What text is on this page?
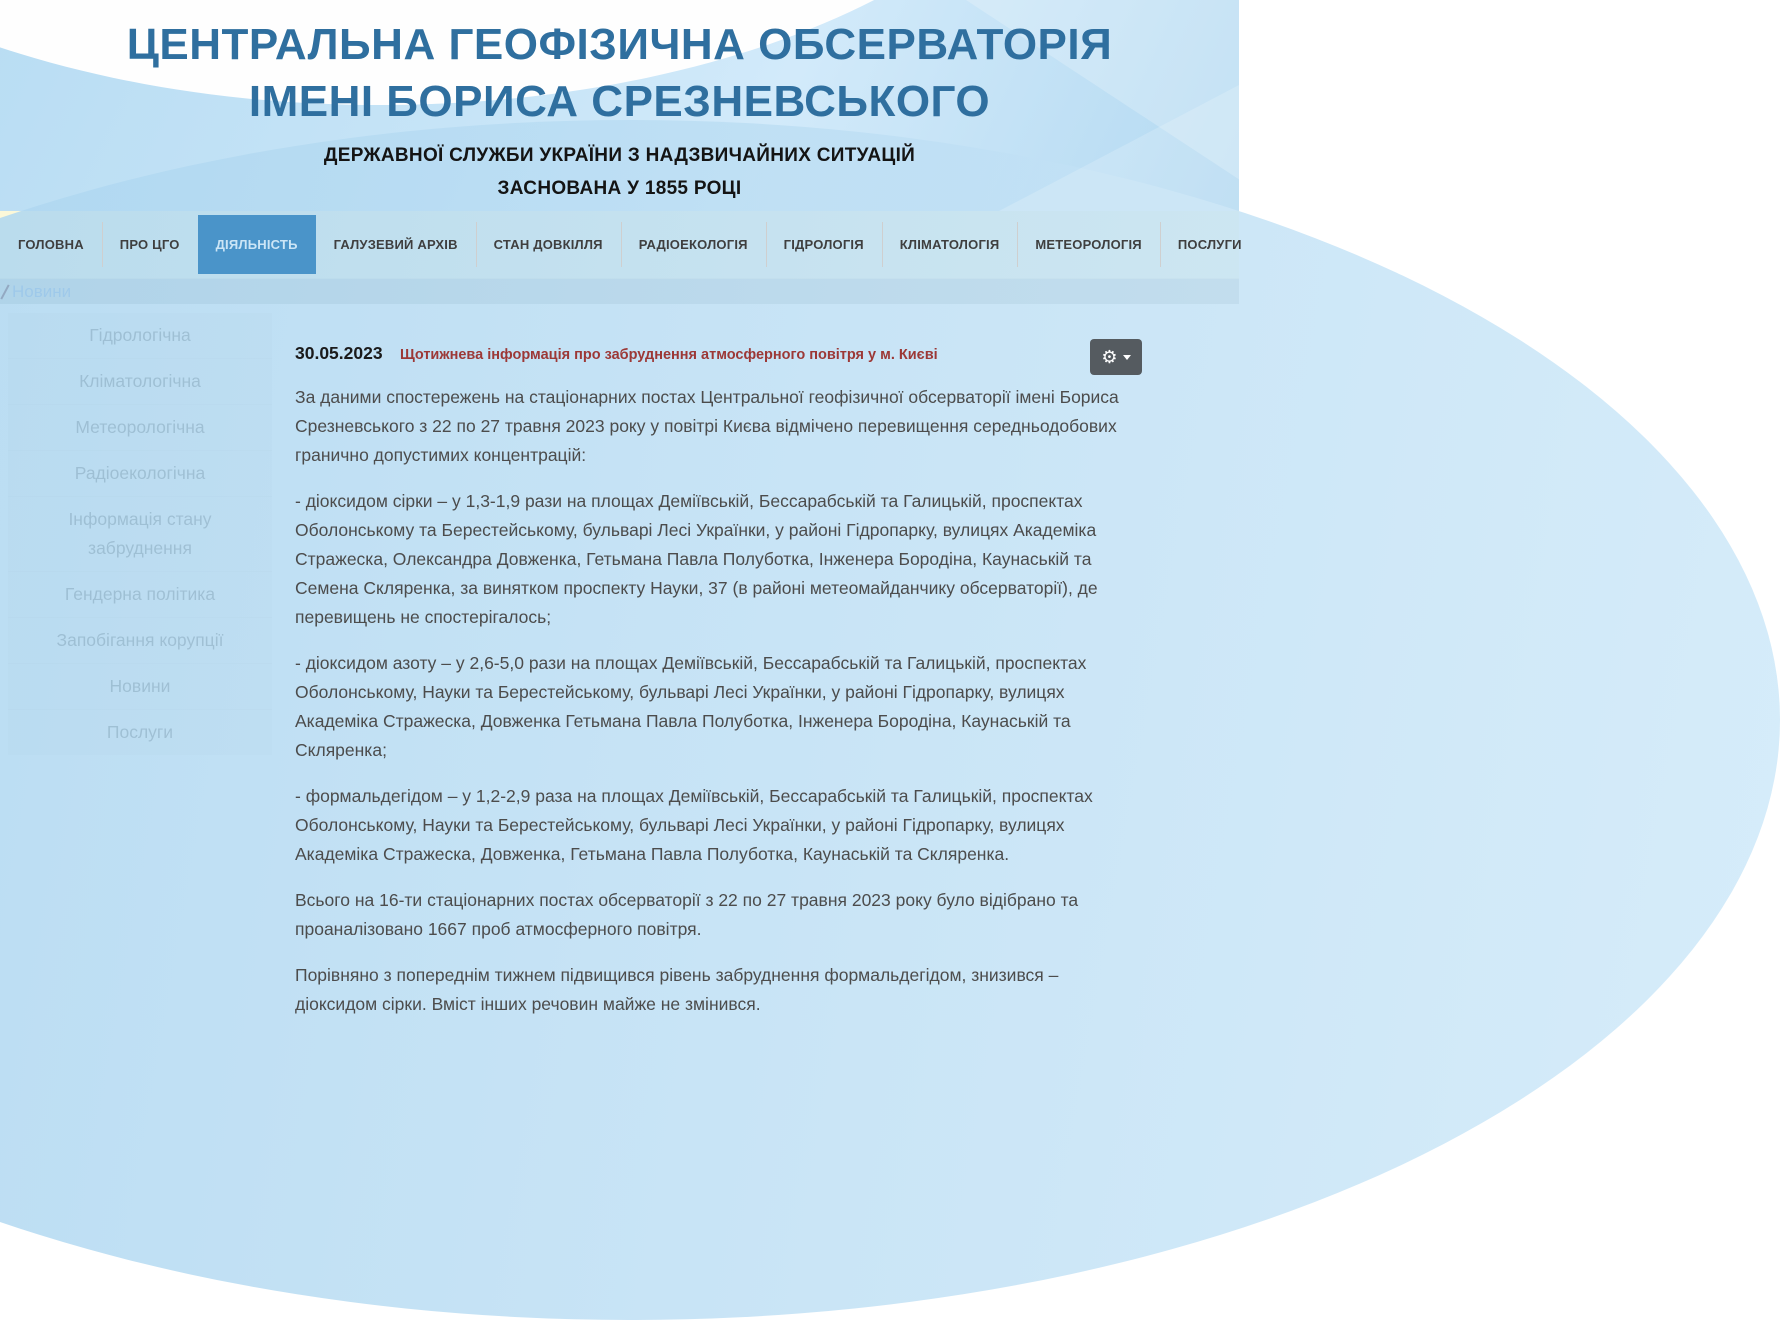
ЦЕНТРАЛЬНА ГЕОФІЗИЧНА ОБСЕРВАТОРІЯ
ІМЕНІ БОРИСА СРЕЗНЕВСЬКОГО
ДЕРЖАВНОЇ СЛУЖБИ УКРАЇНИ З НАДЗВИЧАЙНИХ СИТУАЦІЙ
ЗАСНОВАНА У 1855 РОЦІ
ГОЛОВНА	ПРО ЦГО	ДІЯЛЬНІСТЬ	ГАЛУЗЕВИЙ АРХІВ	СТАН ДОВКІЛЛЯ	РАДІОЕКОЛОГІЯ	ГІДРОЛОГІЯ	КЛІМАТОЛОГІЯ	МЕТЕОРОЛОГІЯ	ПОСЛУГИ
30.05.2023 Щотижнева інформація про забруднення атмосферного повітря у м. Києві	⚙

За даними спостережень на стаціонарних постах Центральної геофізичної обсерваторії імені Бориса Срезневського з 22 по 27 травня 2023 року у повітрі Києва відмічено перевищення середньодобових гранично допустимих концентрацій:

- діоксидом сірки – у 1,3-1,9 рази на площах Деміївській, Бессарабській та Галицькій, проспектах Оболонському та Берестейському, бульварі Лесі Українки, у районі Гідропарку, вулицях Академіка Стражеска, Олександра Довженка, Гетьмана Павла Полуботка, Інженера Бородіна, Каунаській та Семена Скляренка, за винятком проспекту Науки, 37 (в районі метеомайданчику обсерваторії), де перевищень не спостерігалось;

- діоксидом азоту – у 2,6-5,0 рази на площах Деміївській, Бессарабській та Галицькій, проспектах Оболонському, Науки та Берестейському, бульварі Лесі Українки, у районі Гідропарку, вулицях Академіка Стражеска, Довженка Гетьмана Павла Полуботка, Інженера Бородіна, Каунаській та Скляренка;

- формальдегідом – у 1,2-2,9 раза на площах Деміївській, Бессарабській та Галицькій, проспектах Оболонському, Науки та Берестейському, бульварі Лесі Українки, у районі Гідропарку, вулицях Академіка Стражеска, Довженка, Гетьмана Павла Полуботка, Каунаській та Скляренка.

Всього на 16-ти стаціонарних постах обсерваторії з 22 по 27 травня 2023 року було відібрано та проаналізовано 1667 проб атмосферного повітря.

Порівняно з попереднім тижнем підвищився рівень забруднення формальдегідом, знизився – діоксидом сірки. Вміст інших речовин майже не змінився.
